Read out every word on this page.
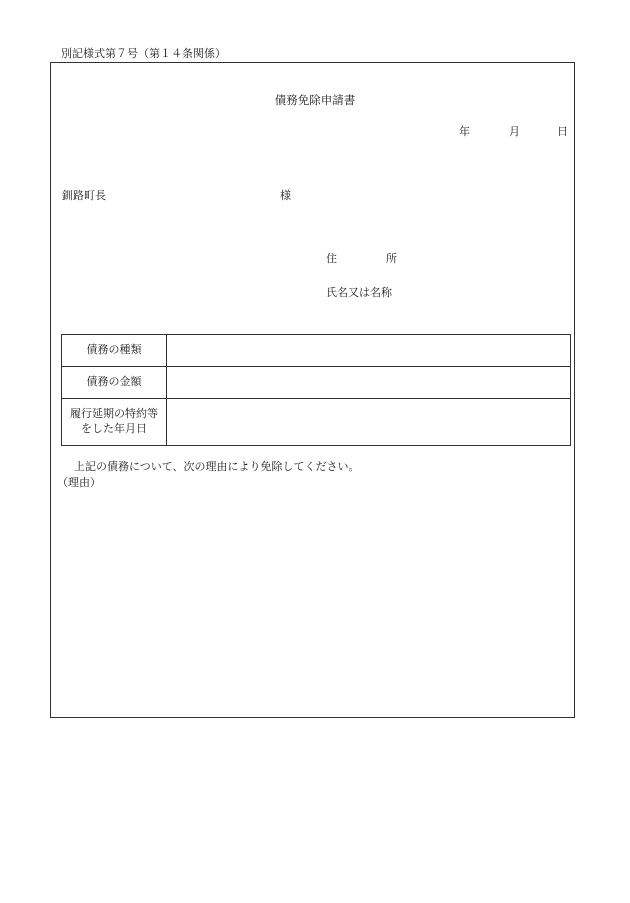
別記様式第７号（第１４条関係）
債務免除申請書
年	月	日
釧路町長	様
住	所
氏名又は名称
債務の種類	
債務の金額	
履行延期の特約等
をした年月日	
上記の債務について、次の理由により免除してください。
（理由）
